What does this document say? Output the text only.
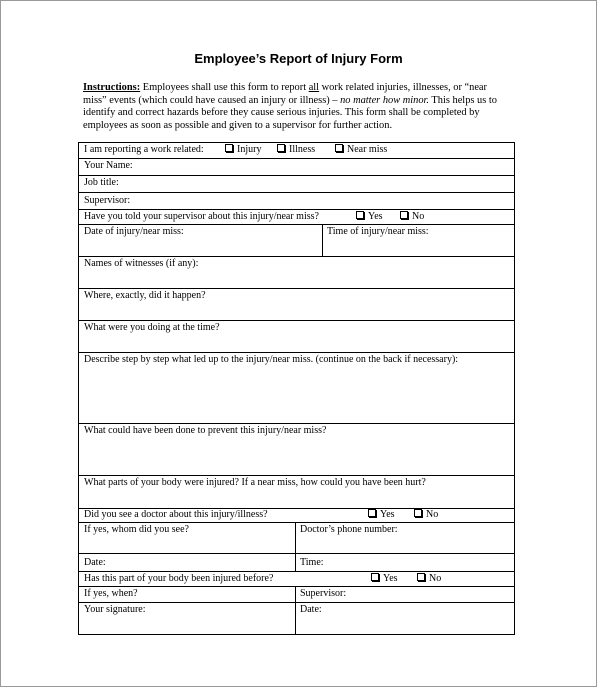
Employee’s Report of Injury Form
Instructions: Employees shall use this form to report all work related injuries, illnesses, or “near miss” events (which could have caused an injury or illness) – no matter how minor. This helps us to identify and correct hazards before they cause serious injuries. This form shall be completed by employees as soon as possible and given to a supervisor for further action.
I am reporting a work related:	Injury	Illness	Near miss
Your Name:
Job title:
Supervisor:
Have you told your supervisor about this injury/near miss?	Yes	No
Date of injury/near miss:	Time of injury/near miss:
Names of witnesses (if any):
Where, exactly, did it happen?
What were you doing at the time?
Describe step by step what led up to the injury/near miss. (continue on the back if necessary):
What could have been done to prevent this injury/near miss?
What parts of your body were injured? If a near miss, how could you have been hurt?
Did you see a doctor about this injury/illness?	Yes	No
If yes, whom did you see?	Doctor’s phone number:
Date:	Time:
Has this part of your body been injured before?	Yes	No
If yes, when?	Supervisor:
Your signature:	Date:
